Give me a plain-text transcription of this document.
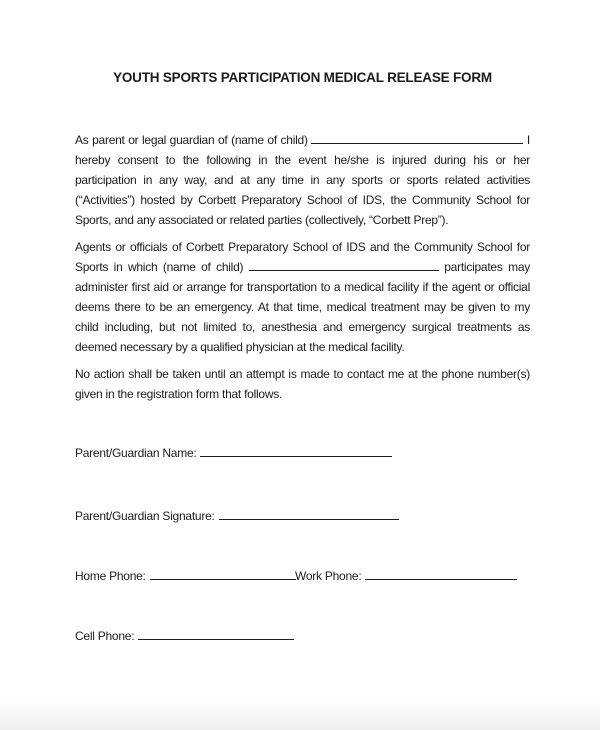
YOUTH SPORTS PARTICIPATION MEDICAL RELEASE FORM

As parent or legal guardian of (name of child)	I hereby consent to the following in the event he/she is injured during his or her participation in any way, and at any time in any sports or sports related activities (“Activities”) hosted by Corbett Preparatory School of IDS, the Community School for Sports, and any associated or related parties (collectively, “Corbett Prep”).

Agents or officials of Corbett Preparatory School of IDS and the Community School for Sports in which (name of child)	participates may administer first aid or arrange for transportation to a medical facility if the agent or official deems there to be an emergency. At that time, medical treatment may be given to my child including, but not limited to, anesthesia and emergency surgical treatments as deemed necessary by a qualified physician at the medical facility.

No action shall be taken until an attempt is made to contact me at the phone number(s) given in the registration form that follows.

Parent/Guardian Name:
Parent/Guardian Signature:
Home Phone:	Work Phone:
Cell Phone:
